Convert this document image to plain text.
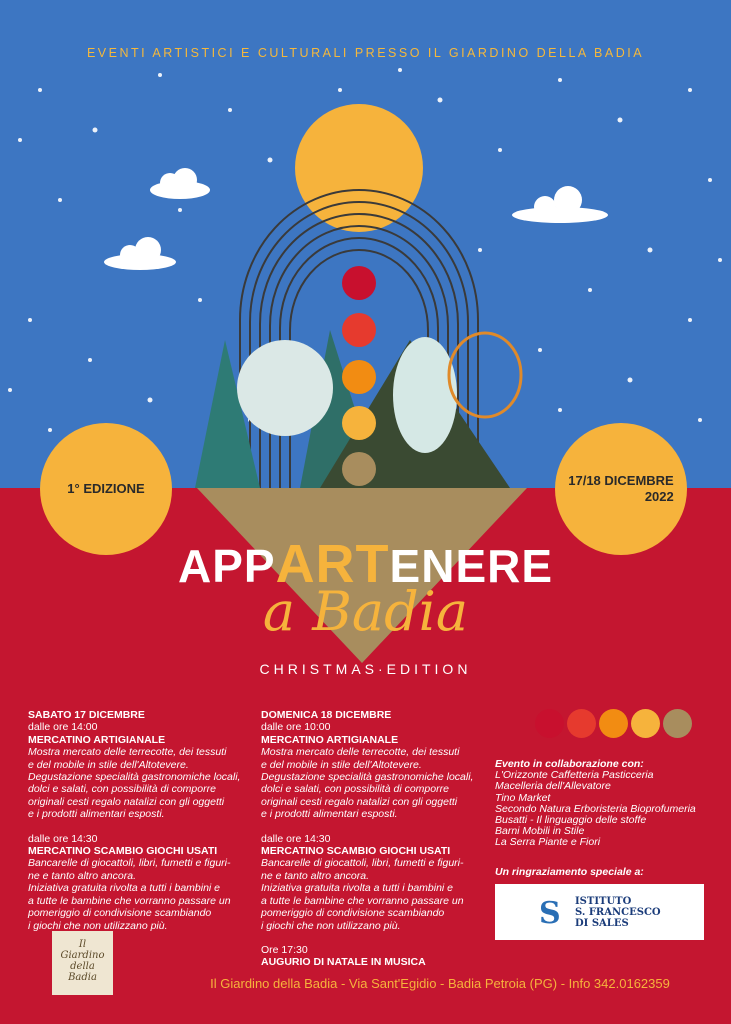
EVENTI ARTISTICI E CULTURALI PRESSO IL GIARDINO DELLA BADIA
1° EDIZIONE
17/18 DICEMBRE
2022
APPARTENERE
a Badia
CHRISTMAS·EDITION
SABATO 17 DICEMBRE
dalle ore 14:00
MERCATINO ARTIGIANALE
Mostra mercato delle terrecotte, dei tessuti
e del mobile in stile dell'Altotevere.
Degustazione specialità gastronomiche locali,
dolci e salati, con possibilità di comporre
originali cesti regalo natalizi con gli oggetti
e i prodotti alimentari esposti.
dalle ore 14:30
MERCATINO SCAMBIO GIOCHI USATI
Bancarelle di giocattoli, libri, fumetti e figuri-
ne e tanto altro ancora.
Iniziativa gratuita rivolta a tutti i bambini e
a tutte le bambine che vorranno passare un
pomeriggio di condivisione scambiando
i giochi che non utilizzano più.
DOMENICA 18 DICEMBRE
dalle ore 10:00
MERCATINO ARTIGIANALE
Mostra mercato delle terrecotte, dei tessuti
e del mobile in stile dell'Altotevere.
Degustazione specialità gastronomiche locali,
dolci e salati, con possibilità di comporre
originali cesti regalo natalizi con gli oggetti
e i prodotti alimentari esposti.
dalle ore 14:30
MERCATINO SCAMBIO GIOCHI USATI
Bancarelle di giocattoli, libri, fumetti e figuri-
ne e tanto altro ancora.
Iniziativa gratuita rivolta a tutti i bambini e
a tutte le bambine che vorranno passare un
pomeriggio di condivisione scambiando
i giochi che non utilizzano più.
Ore 17:30
AUGURIO DI NATALE IN MUSICA
Evento in collaborazione con:
L'Orizzonte Caffetteria Pasticceria
Macelleria dell'Allevatore
Tino Market
Secondo Natura Erboristeria Bioprofumeria
Busatti - Il linguaggio delle stoffe
Barni Mobili in Stile
La Serra Piante e Fiori
Un ringraziamento speciale a:
S ISTITUTO
S. FRANCESCO
DI SALES
Il
Giardino
della
Badia	Il Giardino della Badia - Via Sant'Egidio - Badia Petroia (PG) - Info 342.0162359
